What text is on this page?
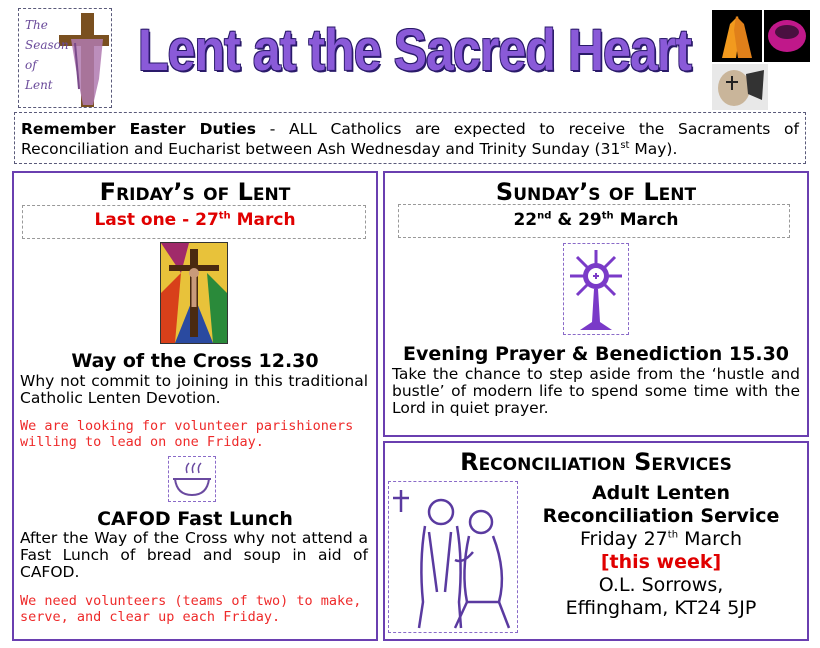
The
Season
of
Lent
Lent at the Sacred Heart
Remember Easter Duties - ALL Catholics are expected to receive the Sacraments of Reconciliation and Eucharist between Ash Wednesday and Trinity Sunday (31st May).
Friday’s of Lent
Last one - 27th March
Way of the Cross 12.30
Why not commit to joining in this traditional Catholic Lenten Devotion.
We are looking for volunteer parishioners willing to lead on one Friday.
CAFOD Fast Lunch
After the Way of the Cross why not attend a Fast Lunch of bread and soup in aid of CAFOD.
We need volunteers (teams of two) to make, serve, and clear up each Friday.
Sunday’s of Lent
22nd & 29th March
Evening Prayer & Benediction 15.30
Take the chance to step aside from the ‘hustle and bustle’ of modern life to spend some time with the Lord in quiet prayer.
Reconciliation Services
Adult Lenten
Reconciliation Service
Friday 27th March
[this week]
O.L. Sorrows,
Effingham, KT24 5JP
